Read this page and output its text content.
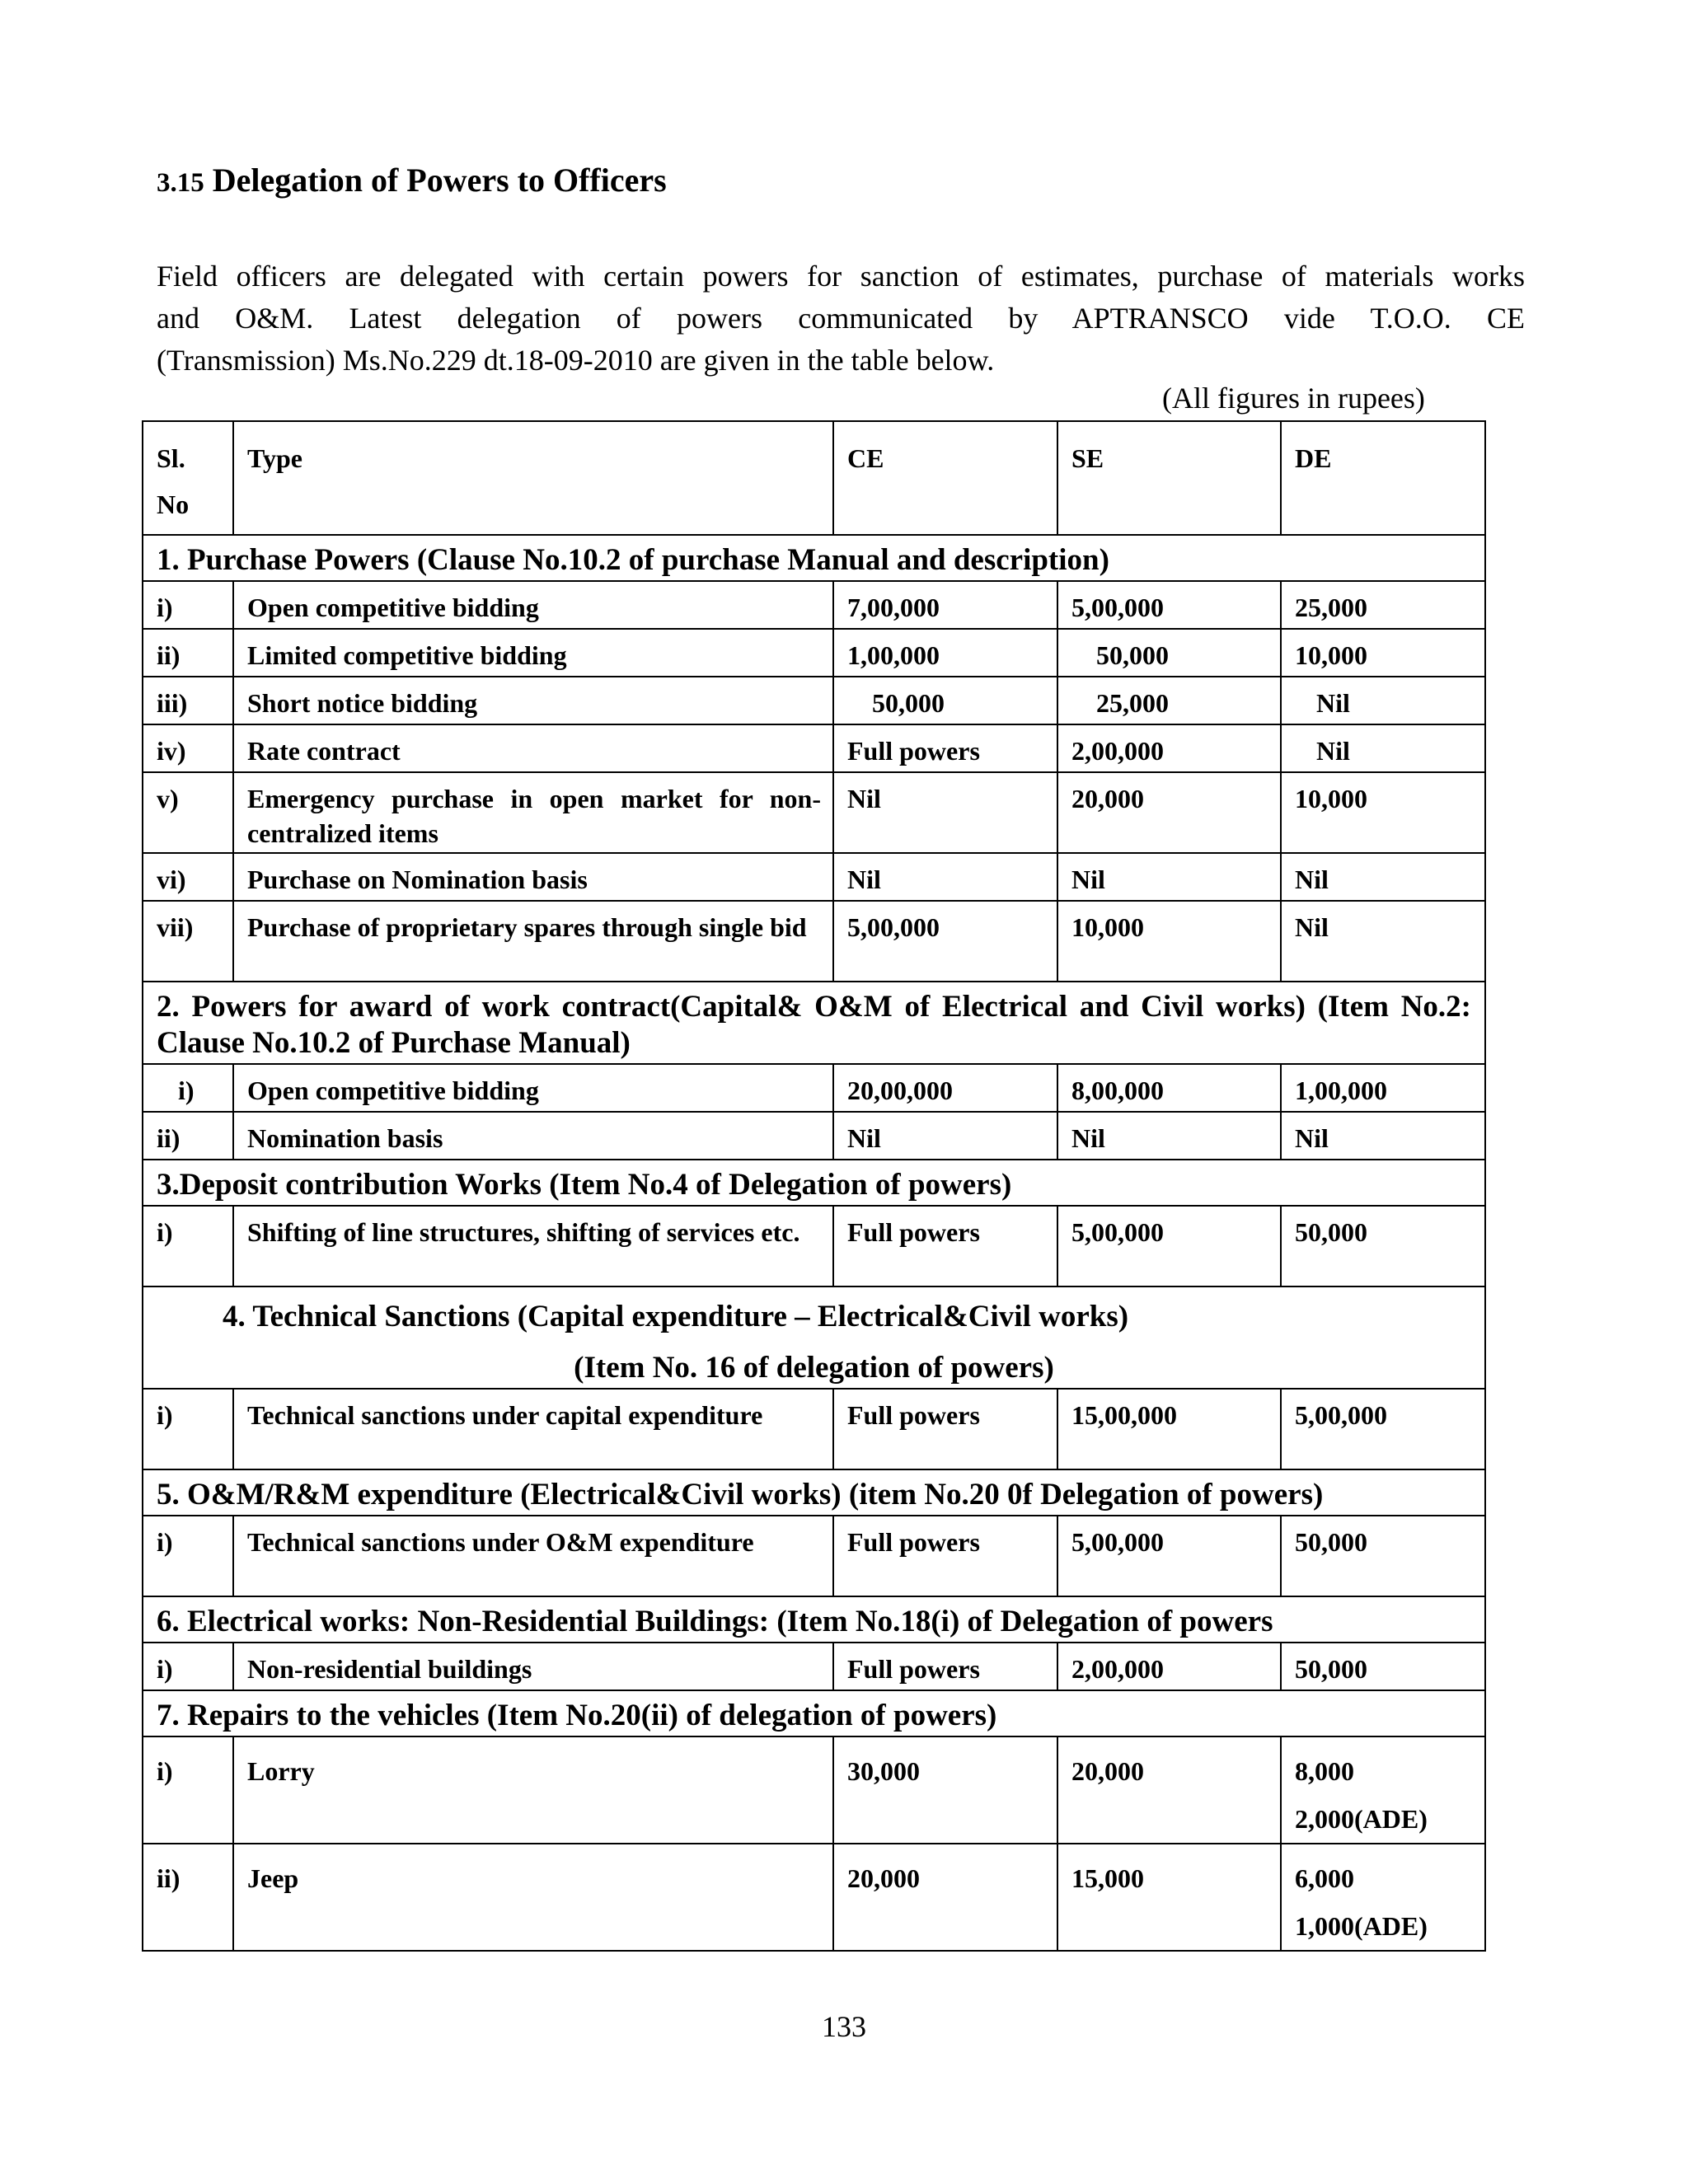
3.15 Delegation of Powers to Officers
Field officers are delegated with certain powers for sanction of estimates, purchase of materials works
and O&M. Latest delegation of powers communicated by APTRANSCO vide T.O.O. CE
(Transmission) Ms.No.229 dt.18-09-2010 are given in the table below.
(All figures in rupees)
Sl.
No	Type	CE	SE	DE
1. Purchase Powers (Clause No.10.2 of purchase Manual and description)				
i)	Open competitive bidding	7,00,000	5,00,000	25,000
ii)	Limited competitive bidding	1,00,000	50,000	10,000
iii)	Short notice bidding	50,000	25,000	Nil
iv)	Rate contract	Full powers	2,00,000	Nil
v)	Emergency purchase in open market for non-centralized items	Nil	20,000	10,000
vi)	Purchase on Nomination basis	Nil	Nil	Nil
vii)	Purchase of proprietary spares through single bid	5,00,000	10,000	Nil

2. Powers for award of work contract(Capital& O&M of Electrical and Civil works) (Item No.2: Clause No.10.2 of Purchase Manual)				

i)	Open competitive bidding	20,00,000	8,00,000	1,00,000
ii)	Nomination basis	Nil	Nil	Nil
3.Deposit contribution Works (Item No.4 of Delegation of powers)				
i)	Shifting of line structures, shifting of services etc.	Full powers	5,00,000	50,000

4. Technical Sanctions (Capital expenditure – Electrical&Civil works)
(Item No. 16 of delegation of powers)				

i)	Technical sanctions under capital expenditure	Full powers	15,00,000	5,00,000
5. O&M/R&M expenditure (Electrical&Civil works) (item No.20 0f Delegation of powers)				
i)	Technical sanctions under O&M expenditure	Full powers	5,00,000	50,000
6. Electrical works: Non-Residential Buildings: (Item No.18(i) of Delegation of powers				
i)	Non-residential buildings	Full powers	2,00,000	50,000
7. Repairs to the vehicles (Item No.20(ii) of delegation of powers)				
i)	Lorry	30,000	20,000	8,000
2,000(ADE)
ii)	Jeep	20,000	15,000	6,000
1,000(ADE)
133
